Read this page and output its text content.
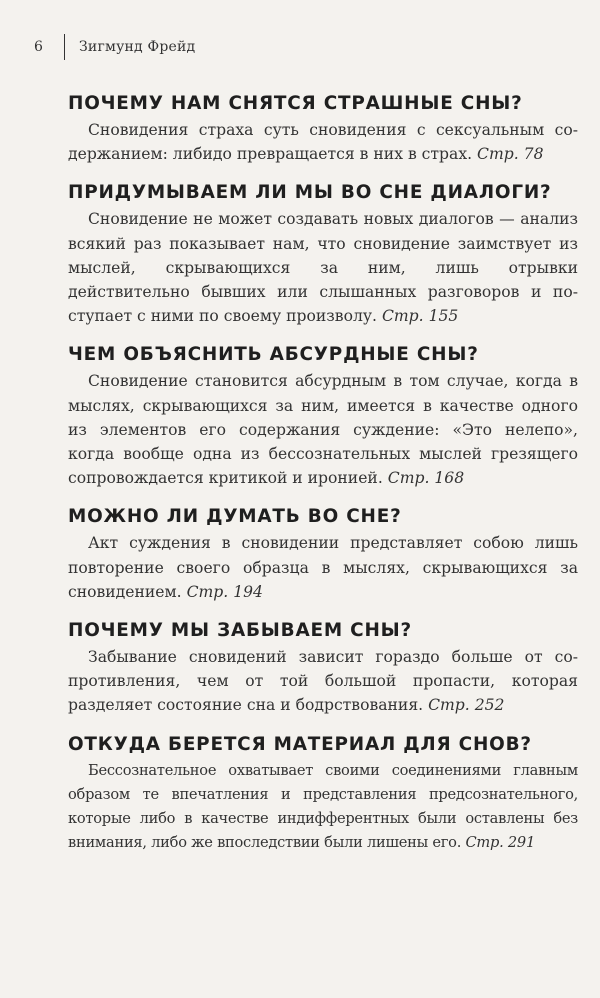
6	Зигмунд Фрейд
ПОЧЕМУ НАМ СНЯТСЯ СТРАШНЫЕ СНЫ?

Сновидения страха суть сновидения с сексуальным содержанием: либидо превращается в них в страх. Стр. 78

ПРИДУМЫВАЕМ ЛИ МЫ ВО СНЕ ДИАЛОГИ?

Сновидение не может создавать новых диалогов — анализ всякий раз показывает нам, что сновидение заимствует из мыслей, скрывающихся за ним, лишь отрывки действительно бывших или слышанных разговоров и поступает с ними по своему произволу. Стр. 155

ЧЕМ ОБЪЯСНИТЬ АБСУРДНЫЕ СНЫ?

Сновидение становится абсурдным в том случае, когда в мыслях, скрывающихся за ним, имеется в качестве одного из элементов его содержания суждение: «Это нелепо», когда вообще одна из бессознательных мыслей грезящего сопровождается критикой и иронией. Стр. 168

МОЖНО ЛИ ДУМАТЬ ВО СНЕ?

Акт суждения в сновидении представляет собою лишь повторение своего образца в мыслях, скрывающихся за сновидением. Стр. 194

ПОЧЕМУ МЫ ЗАБЫВАЕМ СНЫ?

Забывание сновидений зависит гораздо больше от сопротивления, чем от той большой пропасти, которая разделяет состояние сна и бодрствования. Стр. 252

ОТКУДА БЕРЕТСЯ МАТЕРИАЛ ДЛЯ СНОВ?

Бессознательное охватывает своими соединениями главным образом те впечатления и представления предсознательного, которые либо в качестве индифферентных были оставлены без внимания, либо же впоследствии были лишены его. Стр. 291
